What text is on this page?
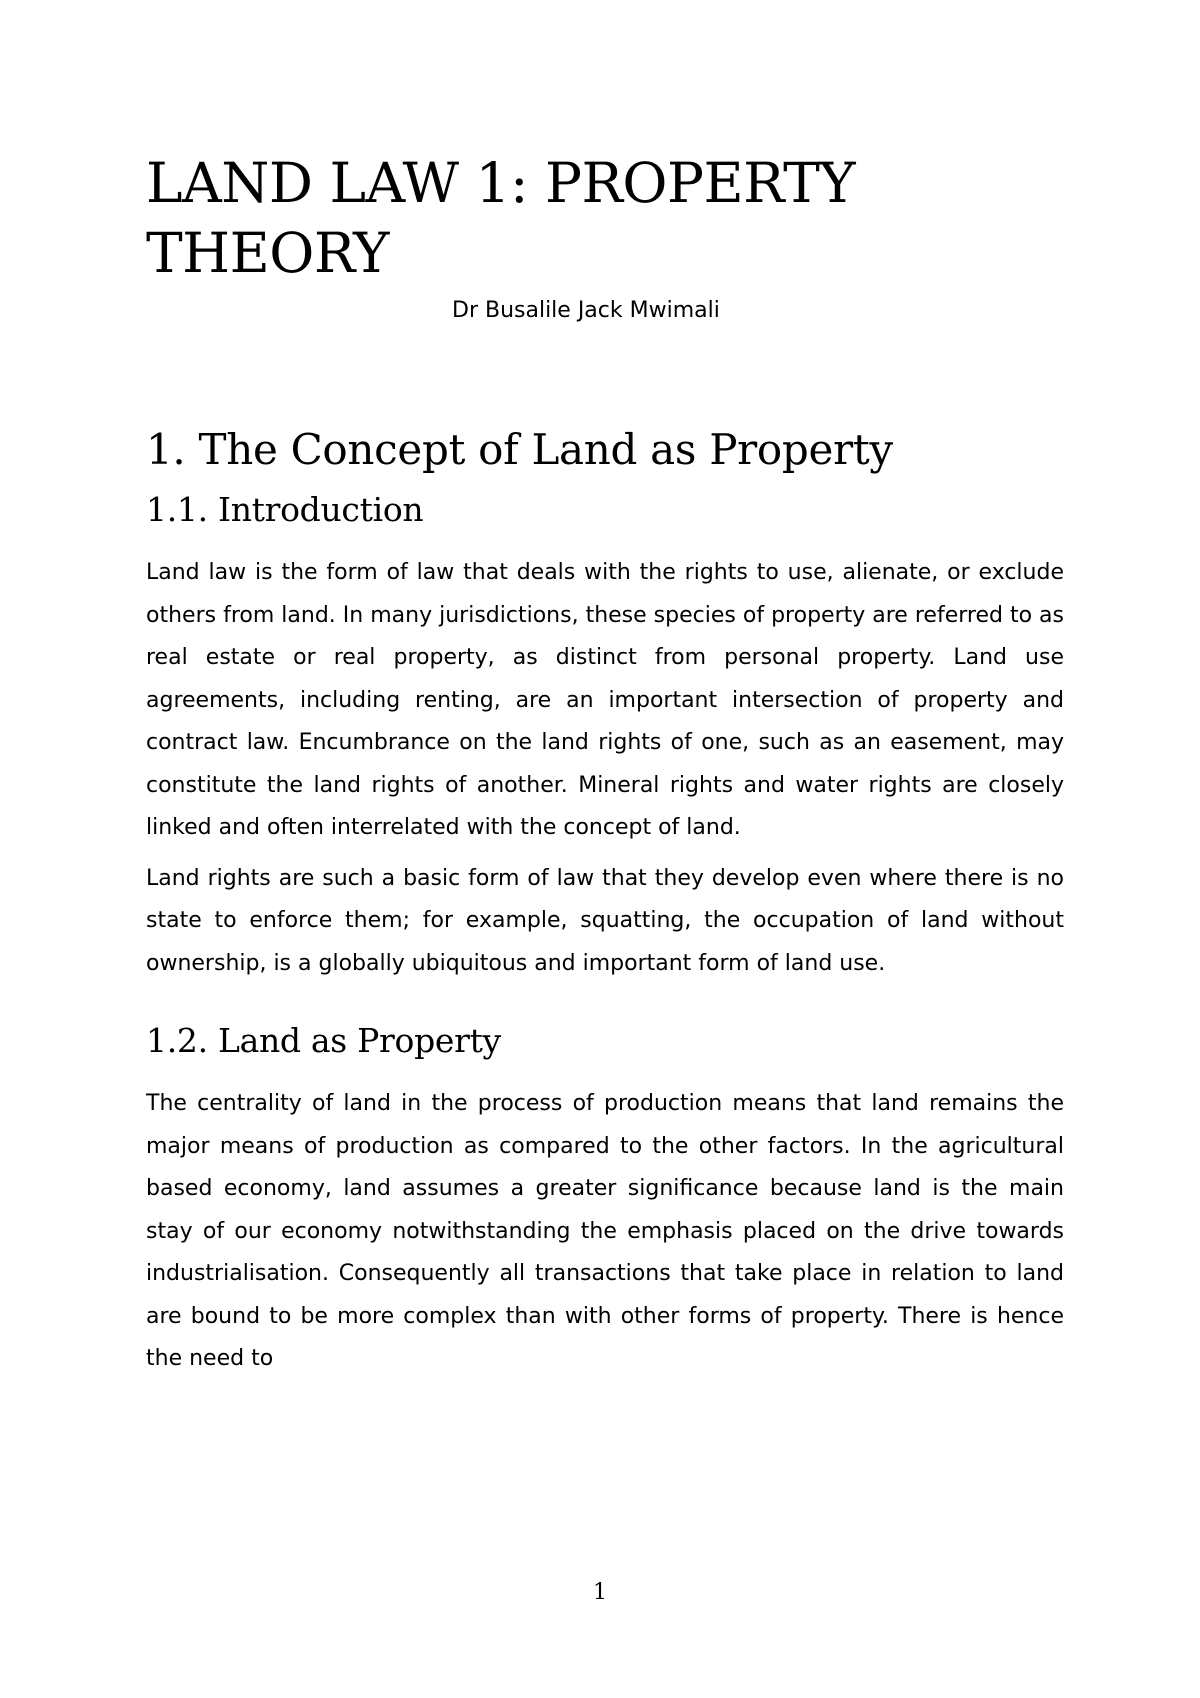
LAND LAW 1: PROPERTY THEORY

Dr Busalile Jack Mwimali

1. The Concept of Land as Property
1.1. Introduction

Land law is the form of law that deals with the rights to use, alienate, or exclude others from land. In many jurisdictions, these species of property are referred to as real estate or real property, as distinct from personal property. Land use agreements, including renting, are an important intersection of property and contract law. Encumbrance on the land rights of one, such as an easement, may constitute the land rights of another. Mineral rights and water rights are closely linked and often interrelated with the concept of land.

Land rights are such a basic form of law that they develop even where there is no state to enforce them; for example, squatting, the occupation of land without ownership, is a globally ubiquitous and important form of land use.

1.2. Land as Property

The centrality of land in the process of production means that land remains the major means of production as compared to the other factors. In the agricultural based economy, land assumes a greater significance because land is the main stay of our economy notwithstanding the emphasis placed on the drive towards industrialisation. Consequently all transactions that take place in relation to land are bound to be more complex than with other forms of property. There is hence the need to

1
